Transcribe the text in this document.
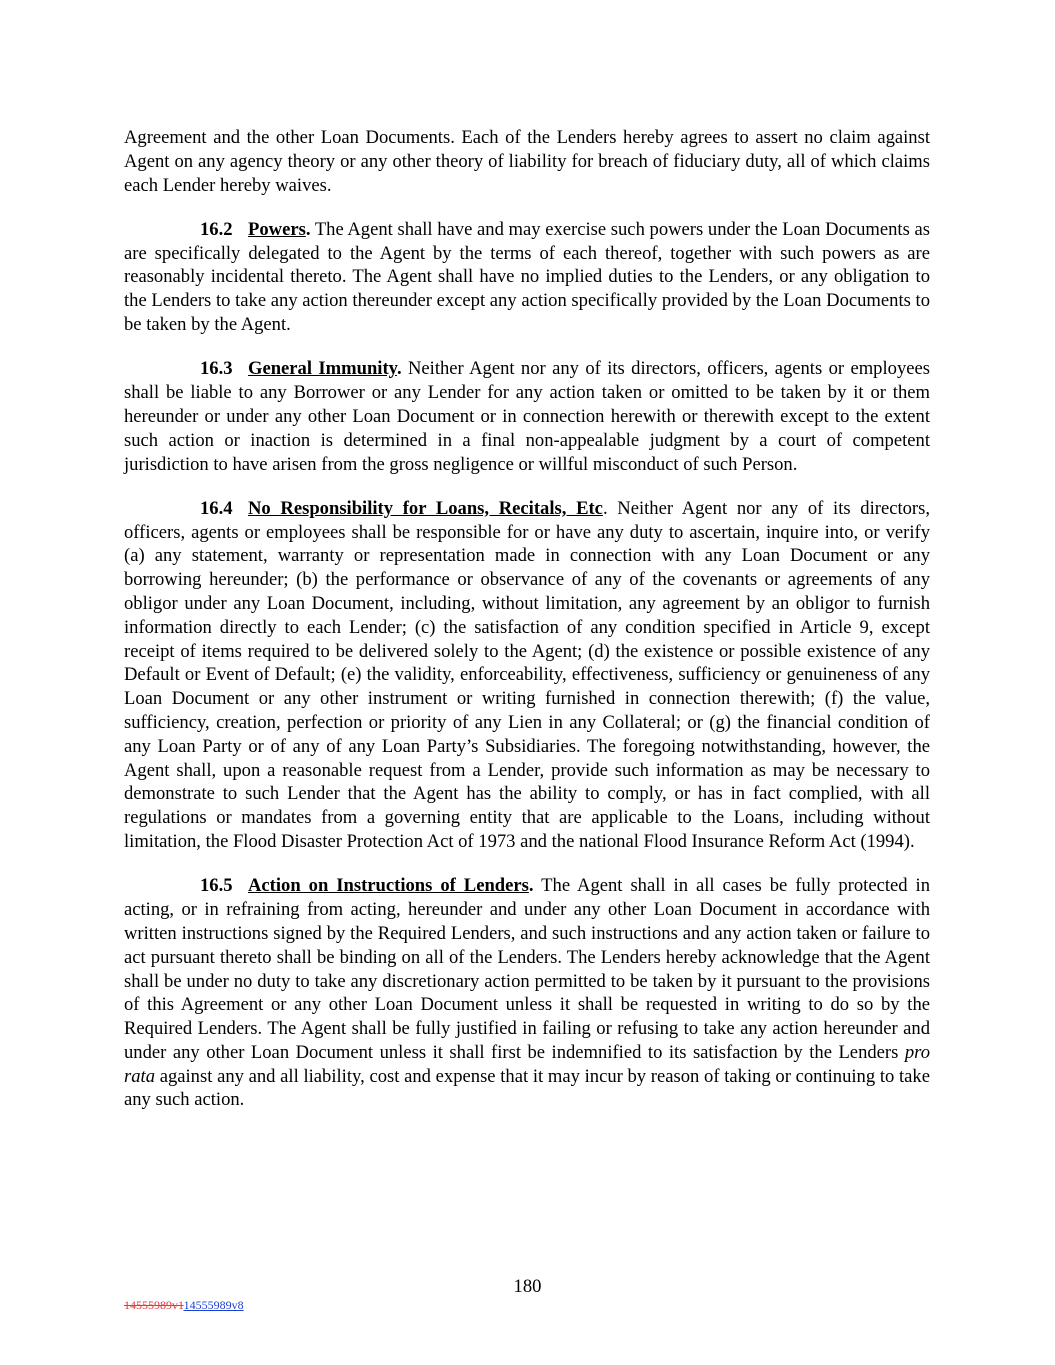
Agreement and the other Loan Documents. Each of the Lenders hereby agrees to assert no claim against Agent on any agency theory or any other theory of liability for breach of fiduciary duty, all of which claims each Lender hereby waives.

16.2 Powers. The Agent shall have and may exercise such powers under the Loan Documents as are specifically delegated to the Agent by the terms of each thereof, together with such powers as are reasonably incidental thereto. The Agent shall have no implied duties to the Lenders, or any obligation to the Lenders to take any action thereunder except any action specifically provided by the Loan Documents to be taken by the Agent.

16.3 General Immunity. Neither Agent nor any of its directors, officers, agents or employees shall be liable to any Borrower or any Lender for any action taken or omitted to be taken by it or them hereunder or under any other Loan Document or in connection herewith or therewith except to the extent such action or inaction is determined in a final non-appealable judgment by a court of competent jurisdiction to have arisen from the gross negligence or willful misconduct of such Person.

16.4 No Responsibility for Loans, Recitals, Etc. Neither Agent nor any of its directors, officers, agents or employees shall be responsible for or have any duty to ascertain, inquire into, or verify (a) any statement, warranty or representation made in connection with any Loan Document or any borrowing hereunder; (b) the performance or observance of any of the covenants or agreements of any obligor under any Loan Document, including, without limitation, any agreement by an obligor to furnish information directly to each Lender; (c) the satisfaction of any condition specified in Article 9, except receipt of items required to be delivered solely to the Agent; (d) the existence or possible existence of any Default or Event of Default; (e) the validity, enforceability, effectiveness, sufficiency or genuineness of any Loan Document or any other instrument or writing furnished in connection therewith; (f) the value, sufficiency, creation, perfection or priority of any Lien in any Collateral; or (g) the financial condition of any Loan Party or of any of any Loan Party’s Subsidiaries. The foregoing notwithstanding, however, the Agent shall, upon a reasonable request from a Lender, provide such information as may be necessary to demonstrate to such Lender that the Agent has the ability to comply, or has in fact complied, with all regulations or mandates from a governing entity that are applicable to the Loans, including without limitation, the Flood Disaster Protection Act of 1973 and the national Flood Insurance Reform Act (1994).

16.5 Action on Instructions of Lenders. The Agent shall in all cases be fully protected in acting, or in refraining from acting, hereunder and under any other Loan Document in accordance with written instructions signed by the Required Lenders, and such instructions and any action taken or failure to act pursuant thereto shall be binding on all of the Lenders. The Lenders hereby acknowledge that the Agent shall be under no duty to take any discretionary action permitted to be taken by it pursuant to the provisions of this Agreement or any other Loan Document unless it shall be requested in writing to do so by the Required Lenders. The Agent shall be fully justified in failing or refusing to take any action hereunder and under any other Loan Document unless it shall first be indemnified to its satisfaction by the Lenders pro rata against any and all liability, cost and expense that it may incur by reason of taking or continuing to take any such action.

180
14555989v114555989v8
